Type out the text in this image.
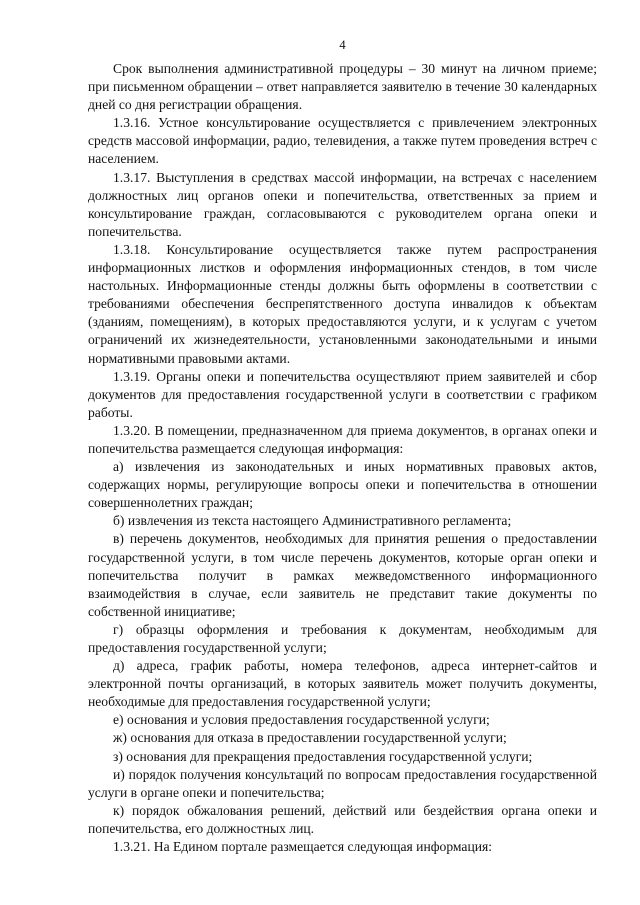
4

Срок выполнения административной процедуры – 30 минут на личном приеме; при письменном обращении – ответ направляется заявителю в течение 30 календарных дней со дня регистрации обращения.

1.3.16. Устное консультирование осуществляется с привлечением электронных средств массовой информации, радио, телевидения, а также путем проведения встреч с населением.

1.3.17. Выступления в средствах массой информации, на встречах с населением должностных лиц органов опеки и попечительства, ответственных за прием и консультирование граждан, согласовываются с руководителем органа опеки и попечительства.

1.3.18. Консультирование осуществляется также путем распространения информационных листков и оформления информационных стендов, в том числе настольных. Информационные стенды должны быть оформлены в соответствии с требованиями обеспечения беспрепятственного доступа инвалидов к объектам (зданиям, помещениям), в которых предоставляются услуги, и к услугам с учетом ограничений их жизнедеятельности, установленными законодательными и иными нормативными правовыми актами.

1.3.19. Органы опеки и попечительства осуществляют прием заявителей и сбор документов для предоставления государственной услуги в соответствии с графиком работы.

1.3.20. В помещении, предназначенном для приема документов, в органах опеки и попечительства размещается следующая информация:

а) извлечения из законодательных и иных нормативных правовых актов, содержащих нормы, регулирующие вопросы опеки и попечительства в отношении совершеннолетних граждан;

б) извлечения из текста настоящего Административного регламента;

в) перечень документов, необходимых для принятия решения о предоставлении государственной услуги, в том числе перечень документов, которые орган опеки и попечительства получит в рамках межведомственного информационного взаимодействия в случае, если заявитель не представит такие документы по собственной инициативе;

г) образцы оформления и требования к документам, необходимым для предоставления государственной услуги;

д) адреса, график работы, номера телефонов, адреса интернет-сайтов и электронной почты организаций, в которых заявитель может получить документы, необходимые для предоставления государственной услуги;

е) основания и условия предоставления государственной услуги;

ж) основания для отказа в предоставлении государственной услуги;

з) основания для прекращения предоставления государственной услуги;

и) порядок получения консультаций по вопросам предоставления государственной услуги в органе опеки и попечительства;

к) порядок обжалования решений, действий или бездействия органа опеки и попечительства, его должностных лиц.

1.3.21. На Едином портале размещается следующая информация:
